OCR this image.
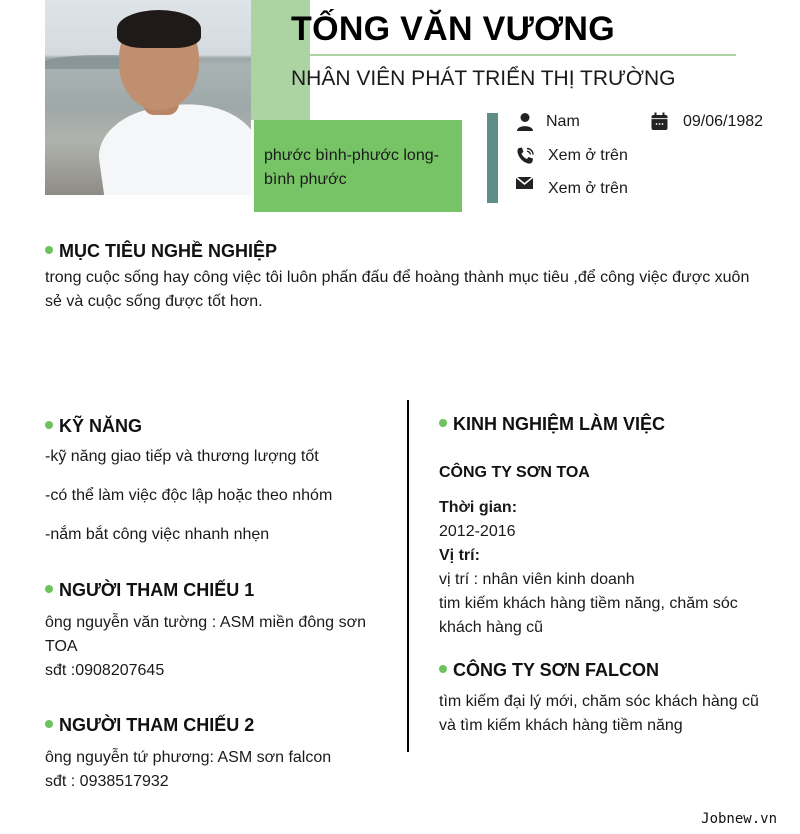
TỐNG VĂN VƯƠNG
NHÂN VIÊN PHÁT TRIỂN THỊ TRƯỜNG
phước bình-phước long-bình phước
Nam	09/06/1982
Xem ở trên
Xem ở trên
MỤC TIÊU NGHỀ NGHIỆP
trong cuộc sống hay công việc tôi luôn phấn đấu để hoàng thành mục tiêu ,để công việc được xuôn sẻ và cuộc sống được tốt hơn.
KỸ NĂNG
-kỹ năng giao tiếp và thương lượng tốt
-có thể làm việc độc lập hoặc theo nhóm
-nắm bắt công việc nhanh nhẹn
NGƯỜI THAM CHIẾU 1
ông nguyễn văn tường : ASM miền đông sơn TOA
sđt :0908207645
NGƯỜI THAM CHIẾU 2
ông nguyễn tứ phương: ASM sơn falcon
sđt : 0938517932
KINH NGHIỆM LÀM VIỆC
CÔNG TY SƠN TOA
Thời gian:
2012-2016
Vị trí:
vị trí : nhân viên kinh doanh
tim kiếm khách hàng tiềm năng, chăm sóc khách hàng cũ
CÔNG TY SƠN FALCON
tìm kiếm đại lý mới, chăm sóc khách hàng cũ và tìm kiếm khách hàng tiềm năng
Jobnew.vn
